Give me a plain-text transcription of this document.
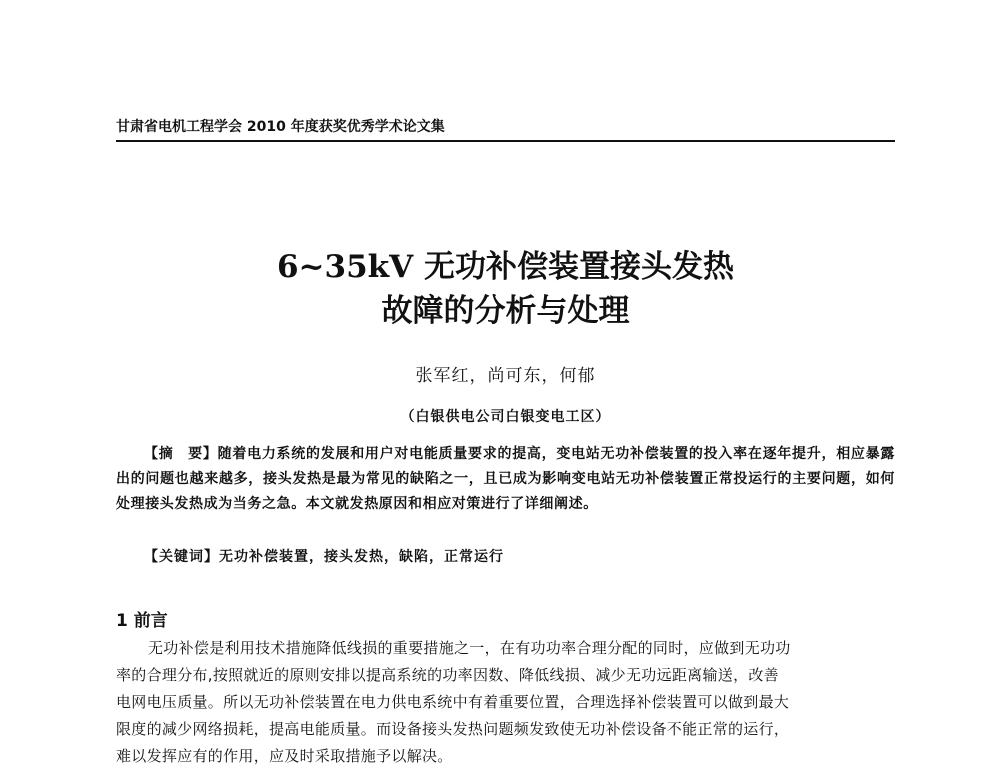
甘肃省电机工程学会 2010 年度获奖优秀学术论文集
6~35kV 无功补偿装置接头发热
故障的分析与处理
张军红，尚可东，何郁
（白银供电公司白银变电工区）
【摘　要】随着电力系统的发展和用户对电能质量要求的提高，变电站无功补偿装置的投入率在逐年提升，相应暴露出的问题也越来越多，接头发热是最为常见的缺陷之一，且已成为影响变电站无功补偿装置正常投运行的主要问题，如何处理接头发热成为当务之急。本文就发热原因和相应对策进行了详细阐述。
【关键词】无功补偿装置，接头发热，缺陷，正常运行
1 前言
无功补偿是利用技术措施降低线损的重要措施之一，在有功功率合理分配的同时，应做到无功功
率的合理分布,按照就近的原则安排以提高系统的功率因数、降低线损、减少无功远距离输送，改善
电网电压质量。所以无功补偿装置在电力供电系统中有着重要位置，合理选择补偿装置可以做到最大
限度的减少网络损耗，提高电能质量。而设备接头发热问题频发致使无功补偿设备不能正常的运行，
难以发挥应有的作用，应及时采取措施予以解决。
